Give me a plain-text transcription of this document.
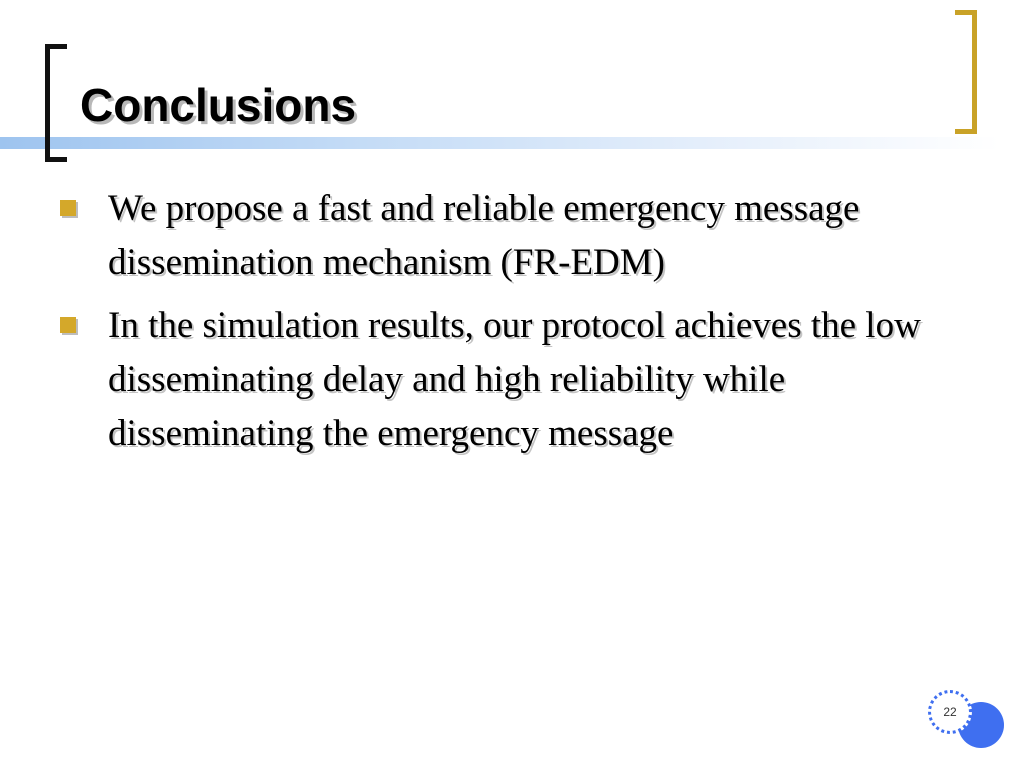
Conclusions
We propose a fast and reliable emergency message dissemination mechanism (FR-EDM)
In the simulation results, our protocol achieves the low disseminating delay and high reliability while disseminating the emergency message
22
